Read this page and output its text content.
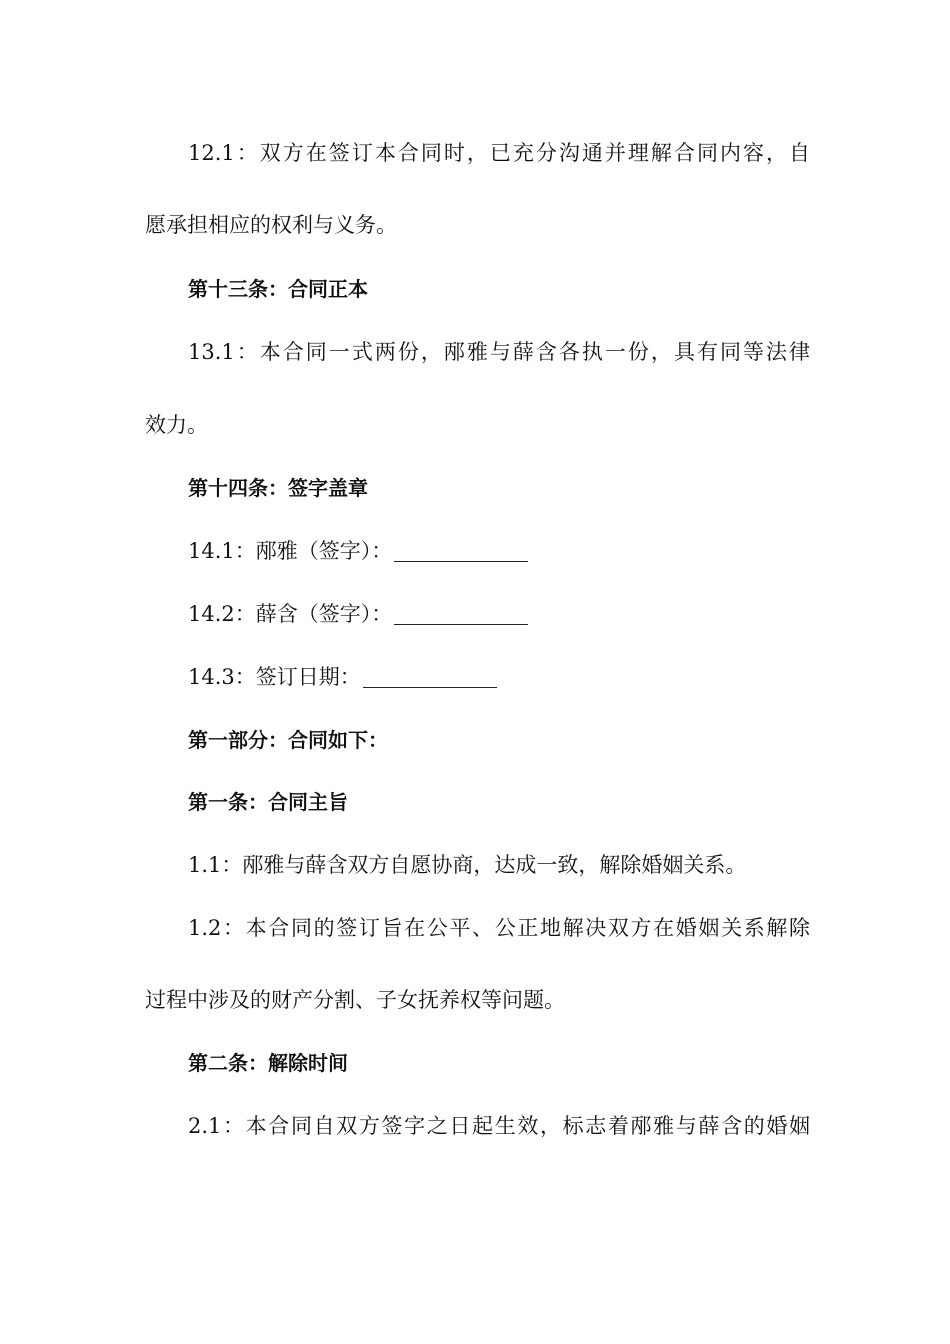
12.1：双方在签订本合同时，已充分沟通并理解合同内容，自
愿承担相应的权利与义务。
第十三条：合同正本
13.1：本合同一式两份，邴雅与薛含各执一份，具有同等法律
效力。
第十四条：签字盖章
14.1：邴雅（签字）：
14.2：薛含（签字）：
14.3：签订日期：
第一部分：合同如下：
第一条：合同主旨
1.1：邴雅与薛含双方自愿协商，达成一致，解除婚姻关系。
1.2：本合同的签订旨在公平、公正地解决双方在婚姻关系解除
过程中涉及的财产分割、子女抚养权等问题。
第二条：解除时间
2.1：本合同自双方签字之日起生效，标志着邴雅与薛含的婚姻
